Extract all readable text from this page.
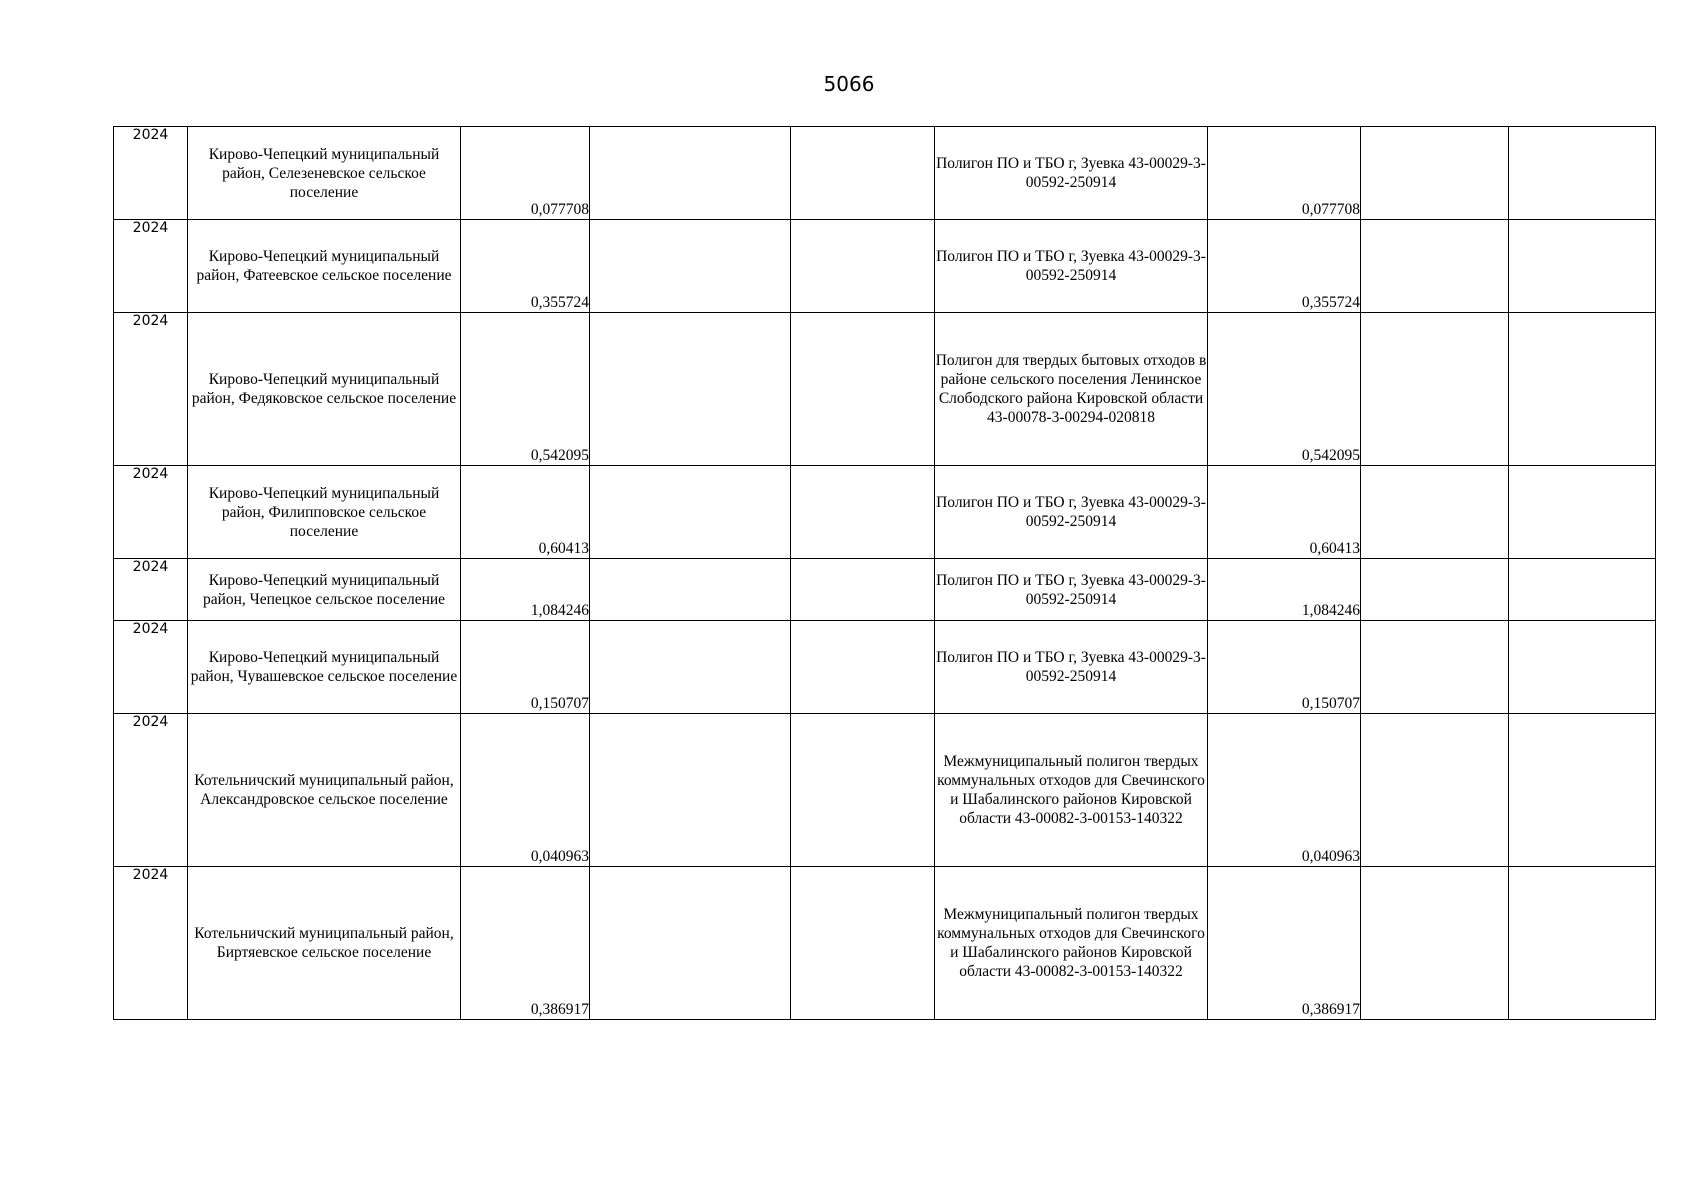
5066
2024	Кирово-Чепецкий муниципальный район, Селезеневское сельское поселение	0,077708			Полигон ПО и ТБО г, Зуевка 43-00029-3-00592-250914	0,077708		
2024	Кирово-Чепецкий муниципальный район, Фатеевское сельское поселение	0,355724			Полигон ПО и ТБО г, Зуевка 43-00029-3-00592-250914	0,355724		
2024	Кирово-Чепецкий муниципальный район, Федяковское сельское поселение	0,542095			Полигон для твердых бытовых отходов в районе сельского поселения Ленинское Слободского района Кировской области 43-00078-3-00294-020818	0,542095		
2024	Кирово-Чепецкий муниципальный район, Филипповское сельское поселение	0,60413			Полигон ПО и ТБО г, Зуевка 43-00029-3-00592-250914	0,60413		
2024	Кирово-Чепецкий муниципальный район, Чепецкое сельское поселение	1,084246			Полигон ПО и ТБО г, Зуевка 43-00029-3-00592-250914	1,084246		
2024	Кирово-Чепецкий муниципальный район, Чувашевское сельское поселение	0,150707			Полигон ПО и ТБО г, Зуевка 43-00029-3-00592-250914	0,150707		
2024	Котельничский муниципальный район, Александровское сельское поселение	0,040963			Межмуниципальный полигон твердых коммунальных отходов для Свечинского и Шабалинского районов Кировской области 43-00082-3-00153-140322	0,040963		
2024	Котельничский муниципальный район, Биртяевское сельское поселение	0,386917			Межмуниципальный полигон твердых коммунальных отходов для Свечинского и Шабалинского районов Кировской области 43-00082-3-00153-140322	0,386917		
